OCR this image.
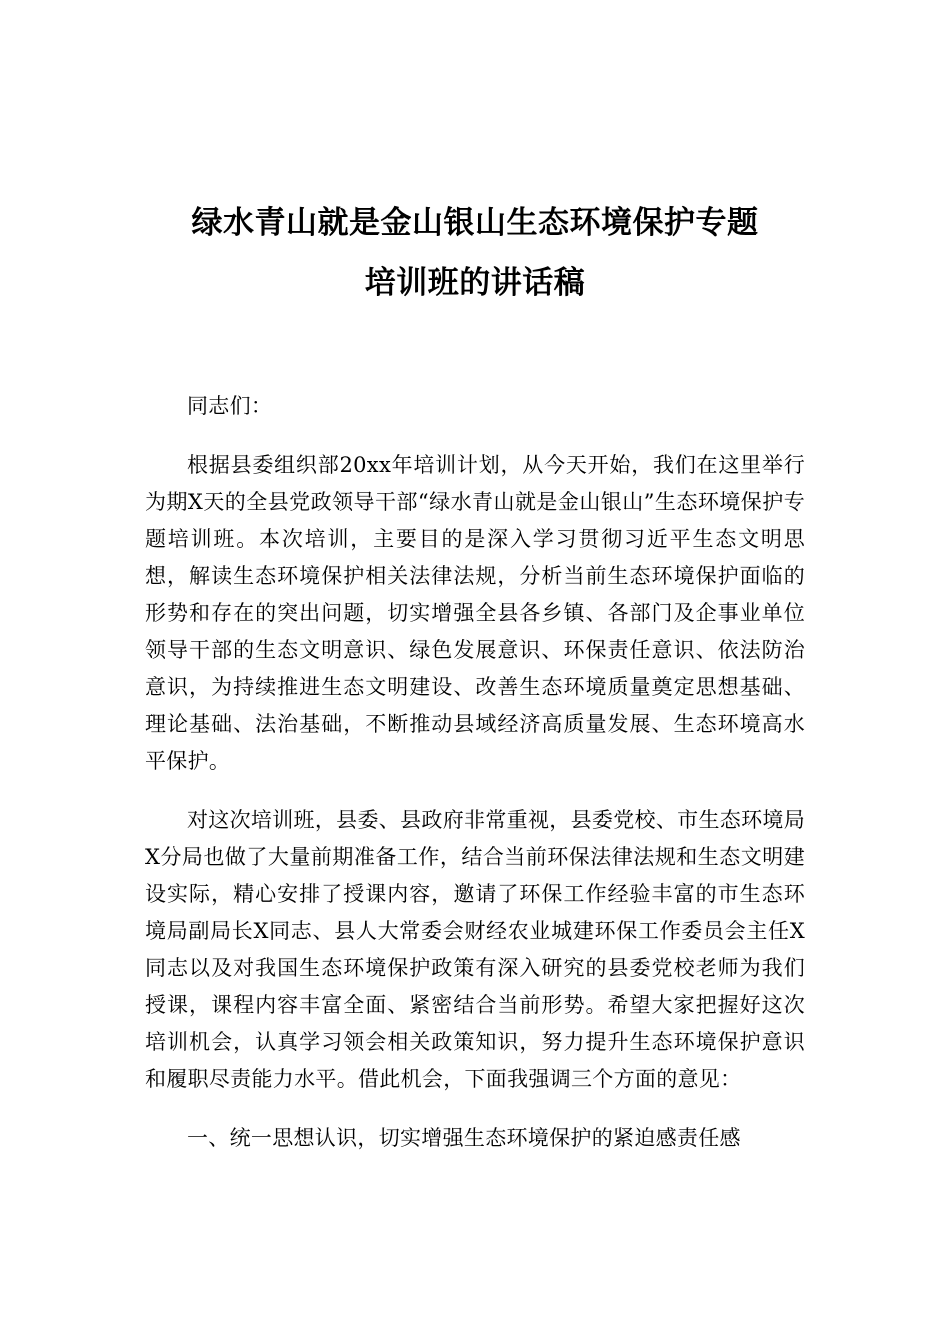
绿水青山就是金山银山生态环境保护专题
培训班的讲话稿

同志们：

根据县委组织部20xx年培训计划，从今天开始，我们在这里举行为期X天的全县党政领导干部“绿水青山就是金山银山”生态环境保护专题培训班。本次培训，主要目的是深入学习贯彻习近平生态文明思想，解读生态环境保护相关法律法规，分析当前生态环境保护面临的形势和存在的突出问题，切实增强全县各乡镇、各部门及企事业单位领导干部的生态文明意识、绿色发展意识、环保责任意识、依法防治意识，为持续推进生态文明建设、改善生态环境质量奠定思想基础、理论基础、法治基础，不断推动县域经济高质量发展、生态环境高水平保护。

对这次培训班，县委、县政府非常重视，县委党校、市生态环境局X分局也做了大量前期准备工作，结合当前环保法律法规和生态文明建设实际，精心安排了授课内容，邀请了环保工作经验丰富的市生态环境局副局长X同志、县人大常委会财经农业城建环保工作委员会主任X同志以及对我国生态环境保护政策有深入研究的县委党校老师为我们授课，课程内容丰富全面、紧密结合当前形势。希望大家把握好这次培训机会，认真学习领会相关政策知识，努力提升生态环境保护意识和履职尽责能力水平。借此机会，下面我强调三个方面的意见：

一、统一思想认识，切实增强生态环境保护的紧迫感责任感
